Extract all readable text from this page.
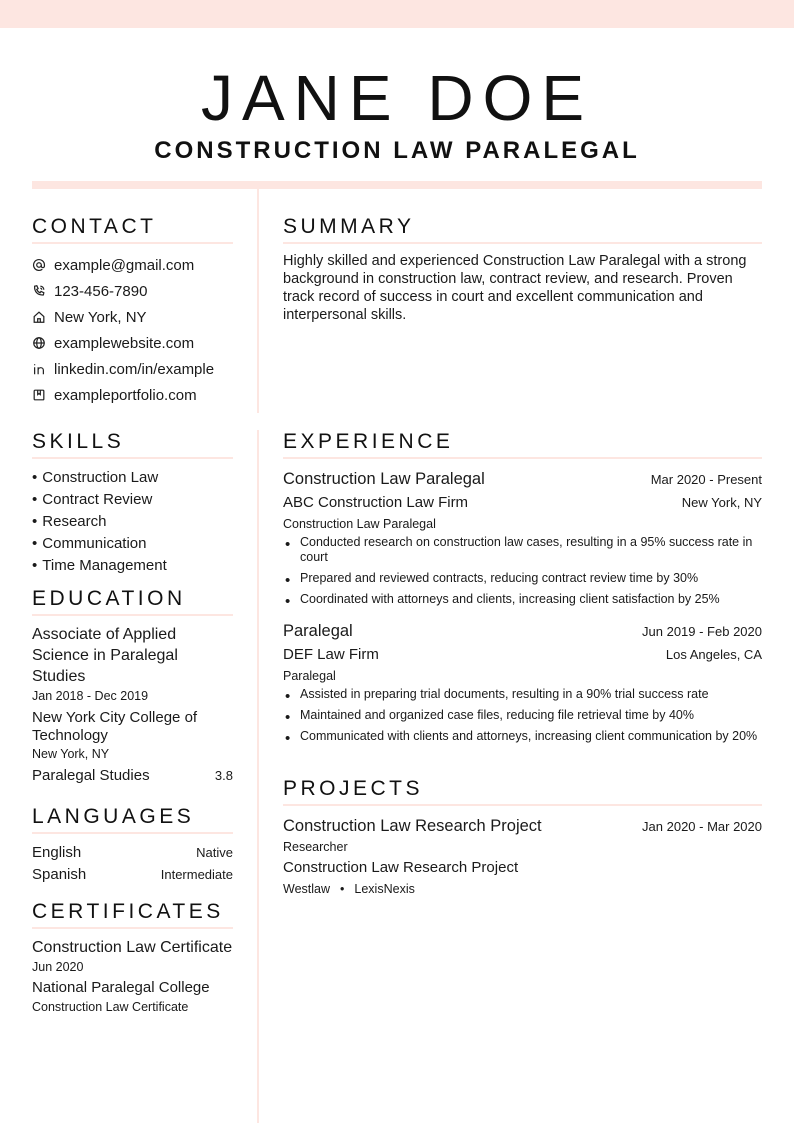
JANE DOE
CONSTRUCTION LAW PARALEGAL
CONTACT
example@gmail.com
123-456-7890
New York, NY
examplewebsite.com
linkedin.com/in/example
exampleportfolio.com
SUMMARY
Highly skilled and experienced Construction Law Paralegal with a strong background in construction law, contract review, and research. Proven track record of success in court and excellent communication and interpersonal skills.
SKILLS
• Construction Law
• Contract Review
• Research
• Communication
• Time Management
EDUCATION
Associate of Applied Science in Paralegal Studies
Jan 2018 - Dec 2019
New York City College of Technology
New York, NY
Paralegal Studies	3.8
LANGUAGES
English	Native
Spanish	Intermediate
CERTIFICATES
Construction Law Certificate
Jun 2020
National Paralegal College
Construction Law Certificate
EXPERIENCE
Construction Law Paralegal	Mar 2020 - Present
ABC Construction Law Firm	New York, NY
Construction Law Paralegal
• Conducted research on construction law cases, resulting in a 95% success rate in court
• Prepared and reviewed contracts, reducing contract review time by 30%
• Coordinated with attorneys and clients, increasing client satisfaction by 25%
Paralegal	Jun 2019 - Feb 2020
DEF Law Firm	Los Angeles, CA
Paralegal
• Assisted in preparing trial documents, resulting in a 90% trial success rate
• Maintained and organized case files, reducing file retrieval time by 40%
• Communicated with clients and attorneys, increasing client communication by 20%
PROJECTS
Construction Law Research Project	Jan 2020 - Mar 2020
Researcher
Construction Law Research Project
Westlaw • LexisNexis
